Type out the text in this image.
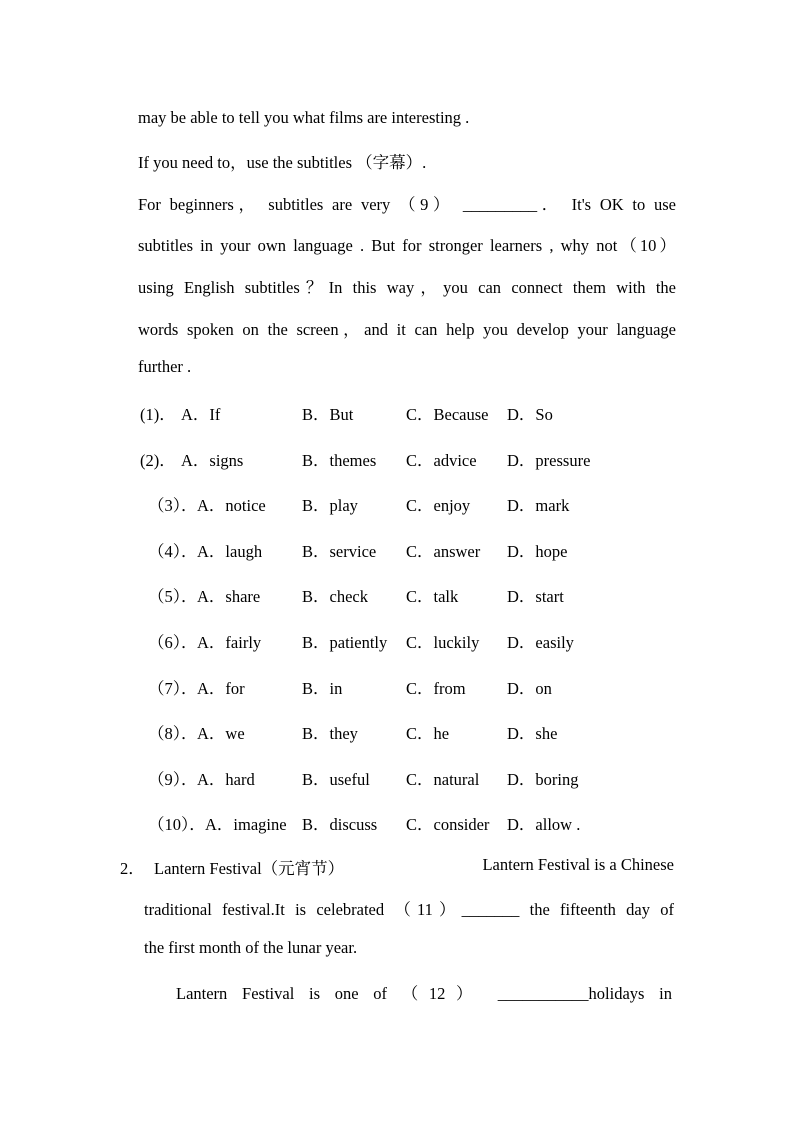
may be able to tell you what films are interesting .
If you need to，use the subtitles （字幕）.
For beginners， subtitles are very （9） _________． It's OK to use
subtitles in your own language . But for stronger learners , why not（10）
using English subtitles？In this way，you can connect them with the
words spoken on the screen，and it can help you develop your language
further .
(1)． A．If	B．But	C．Because D．So
(2)． A．signs	B．themes C．advice D．pressure
（3）． A．notice B．play	C．enjoy D．mark
（4）． A．laugh B．service C．answer D．hope
（5）． A．share	B．check C．talk	D．start
（6）． A．fairly B．patiently C．luckily D．easily
（7）． A．for	B．in	C．from	D．on
（8）． A．we	B．they	C．he	D．she
（9）． A．hard	B．useful C．natural D．boring
（10）． A．imagine B．discuss C．consider D．allow .
2． Lantern Festival（元宵节）	Lantern Festival is a Chinese
traditional festival.It is celebrated （11）_______ the fifteenth day of
the first month of the lunar year.
Lantern Festival is one of （12） ___________holidays in
